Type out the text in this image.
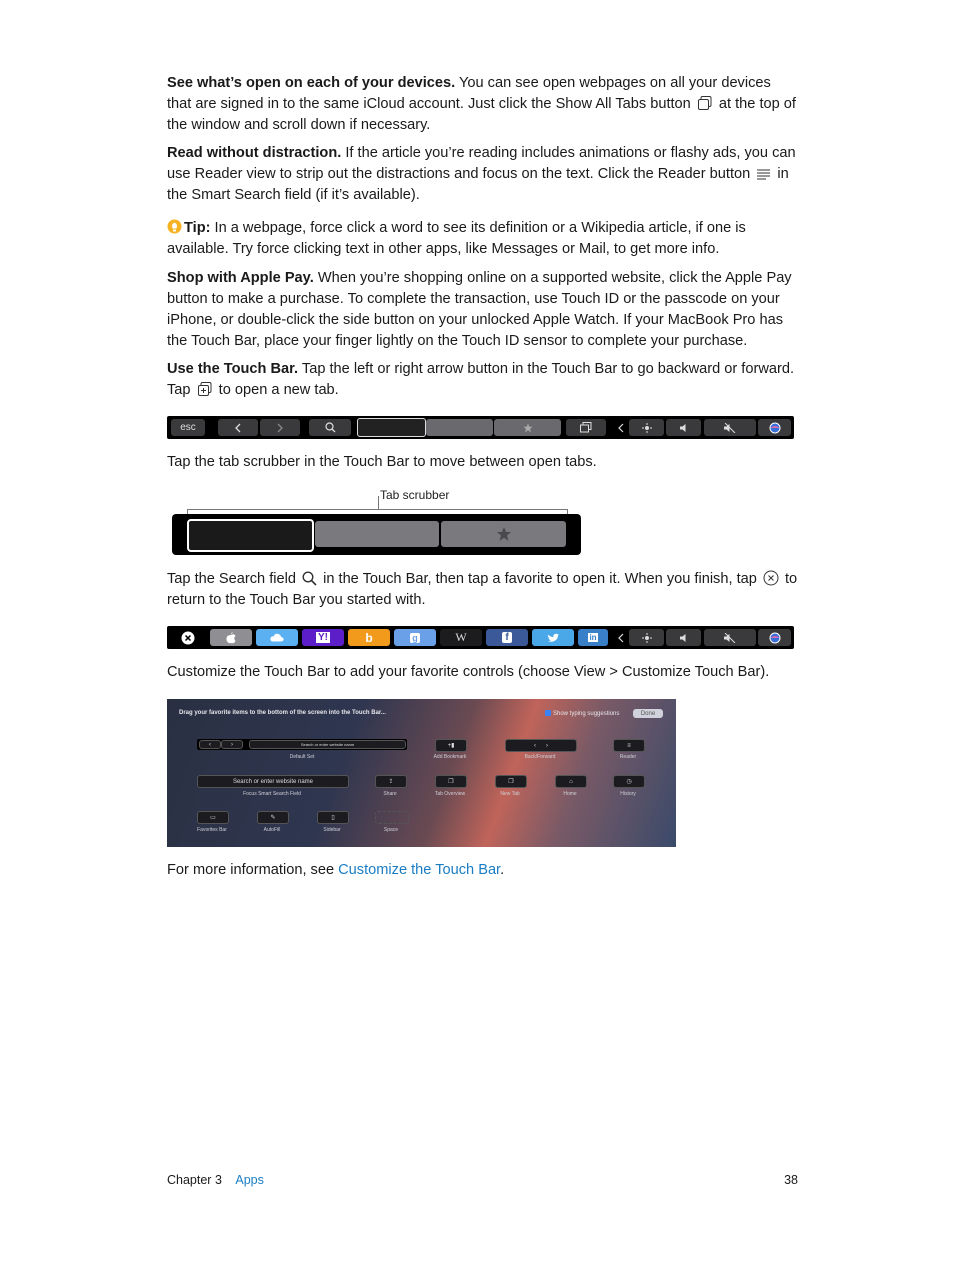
See what’s open on each of your devices. You can see open webpages on all your devices that are signed in to the same iCloud account. Just click the Show All Tabs button  at the top of the window and scroll down if necessary.

Read without distraction. If the article you’re reading includes animations or flashy ads, you can use Reader view to strip out the distractions and focus on the text. Click the Reader button  in the Smart Search field (if it’s available).

Tip: In a webpage, force click a word to see its definition or a Wikipedia article, if one is available. Try force clicking text in other apps, like Messages or Mail, to get more info.

Shop with Apple Pay. When you’re shopping online on a supported website, click the Apple Pay button to make a purchase. To complete the transaction, use Touch ID or the passcode on your iPhone, or double-click the side button on your unlocked Apple Watch. If your MacBook Pro has the Touch Bar, place your finger lightly on the Touch ID sensor to complete your purchase.

Use the Touch Bar. Tap the left or right arrow button in the Touch Bar to go backward or forward. Tap  to open a new tab.

esc

Tap the tab scrubber in the Touch Bar to move between open tabs.

Tab scrubber

Tap the Search field  in the Touch Bar, then tap a favorite to open it. When you finish, tap  to return to the Touch Bar you started with.

Y!	b	g	W	f	in

Customize the Touch Bar to add your favorite controls (choose View > Customize Touch Bar).

Drag your favorite items to the bottom of the screen into the Touch Bar...	Show typing suggestions	Done
‹	›	Search or enter website name
Default Set
+▮
Add Bookmark
‹      ›
Back/Forward
≡
Reader
Search or enter website name
Focus Smart Search Field
⇪
Share
❐
Tab Overview
❐
New Tab
⌂
Home
◷
History
▭
Favorites Bar
✎
AutoFill
▯
Sidebar	Space

For more information, see Customize the Touch Bar.

Chapter 3 Apps	38
